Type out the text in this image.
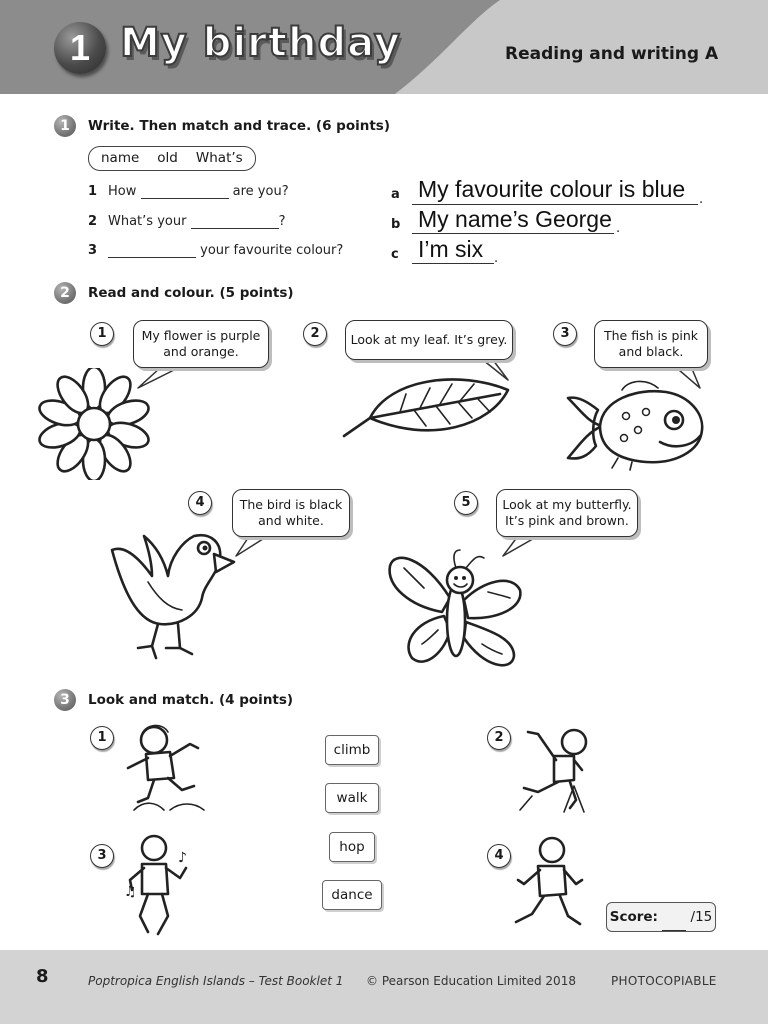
1 My birthday	Reading and writing A
1	Write. Then match and trace. (6 points)
name old What’s
1 How	are you?
2 What’s your	?
3	your favourite colour?
a My favourite colour is blue .
b My name’s George .
c I’m six .
2	Read and colour. (5 points)
1	My flower is purple
and orange.
2	Look at my leaf. It’s grey.	3	The fish is pink
and black.
4	The bird is black
and white.
5	Look at my butterfly.
It’s pink and brown.
3	Look and match. (4 points)
1	2
3	♪
♫
4
climb
walk
hop
dance
Score: /15
8	Poptropica English Islands – Test Booklet 1 © Pearson Education Limited 2018	PHOTOCOPIABLE
